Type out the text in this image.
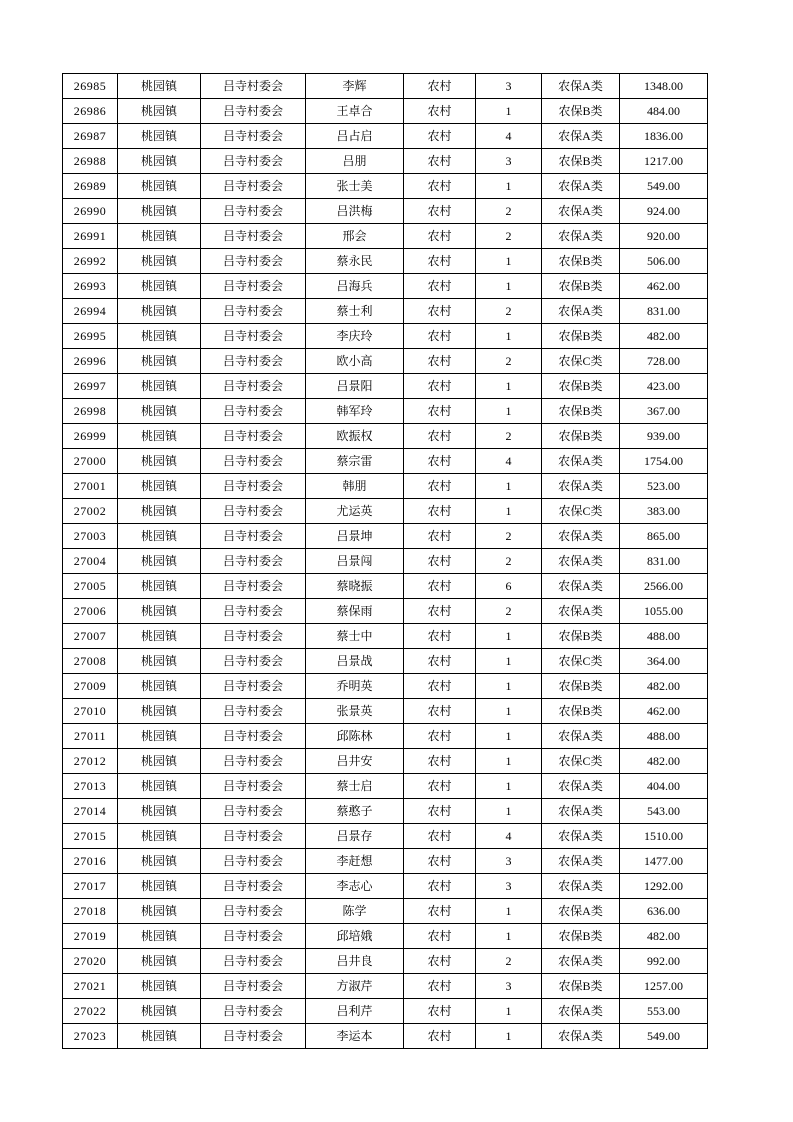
26985	桃园镇	吕寺村委会	李辉	农村	3	农保A类	1348.00
26986	桃园镇	吕寺村委会	王卓合	农村	1	农保B类	484.00
26987	桃园镇	吕寺村委会	吕占启	农村	4	农保A类	1836.00
26988	桃园镇	吕寺村委会	吕朋	农村	3	农保B类	1217.00
26989	桃园镇	吕寺村委会	张士美	农村	1	农保A类	549.00
26990	桃园镇	吕寺村委会	吕洪梅	农村	2	农保A类	924.00
26991	桃园镇	吕寺村委会	邢会	农村	2	农保A类	920.00
26992	桃园镇	吕寺村委会	蔡永民	农村	1	农保B类	506.00
26993	桃园镇	吕寺村委会	吕海兵	农村	1	农保B类	462.00
26994	桃园镇	吕寺村委会	蔡士利	农村	2	农保A类	831.00
26995	桃园镇	吕寺村委会	李庆玲	农村	1	农保B类	482.00
26996	桃园镇	吕寺村委会	欧小高	农村	2	农保C类	728.00
26997	桃园镇	吕寺村委会	吕景阳	农村	1	农保B类	423.00
26998	桃园镇	吕寺村委会	韩军玲	农村	1	农保B类	367.00
26999	桃园镇	吕寺村委会	欧振权	农村	2	农保B类	939.00
27000	桃园镇	吕寺村委会	蔡宗雷	农村	4	农保A类	1754.00
27001	桃园镇	吕寺村委会	韩朋	农村	1	农保A类	523.00
27002	桃园镇	吕寺村委会	尤运英	农村	1	农保C类	383.00
27003	桃园镇	吕寺村委会	吕景坤	农村	2	农保A类	865.00
27004	桃园镇	吕寺村委会	吕景闯	农村	2	农保A类	831.00
27005	桃园镇	吕寺村委会	蔡晓振	农村	6	农保A类	2566.00
27006	桃园镇	吕寺村委会	蔡保雨	农村	2	农保A类	1055.00
27007	桃园镇	吕寺村委会	蔡士中	农村	1	农保B类	488.00
27008	桃园镇	吕寺村委会	吕景战	农村	1	农保C类	364.00
27009	桃园镇	吕寺村委会	乔明英	农村	1	农保B类	482.00
27010	桃园镇	吕寺村委会	张景英	农村	1	农保B类	462.00
27011	桃园镇	吕寺村委会	邱陈林	农村	1	农保A类	488.00
27012	桃园镇	吕寺村委会	吕井安	农村	1	农保C类	482.00
27013	桃园镇	吕寺村委会	蔡士启	农村	1	农保A类	404.00
27014	桃园镇	吕寺村委会	蔡憨子	农村	1	农保A类	543.00
27015	桃园镇	吕寺村委会	吕景存	农村	4	农保A类	1510.00
27016	桃园镇	吕寺村委会	李赶想	农村	3	农保A类	1477.00
27017	桃园镇	吕寺村委会	李志心	农村	3	农保A类	1292.00
27018	桃园镇	吕寺村委会	陈学	农村	1	农保A类	636.00
27019	桃园镇	吕寺村委会	邱培娥	农村	1	农保B类	482.00
27020	桃园镇	吕寺村委会	吕井良	农村	2	农保A类	992.00
27021	桃园镇	吕寺村委会	方淑芹	农村	3	农保B类	1257.00
27022	桃园镇	吕寺村委会	吕利芹	农村	1	农保A类	553.00
27023	桃园镇	吕寺村委会	李运本	农村	1	农保A类	549.00
